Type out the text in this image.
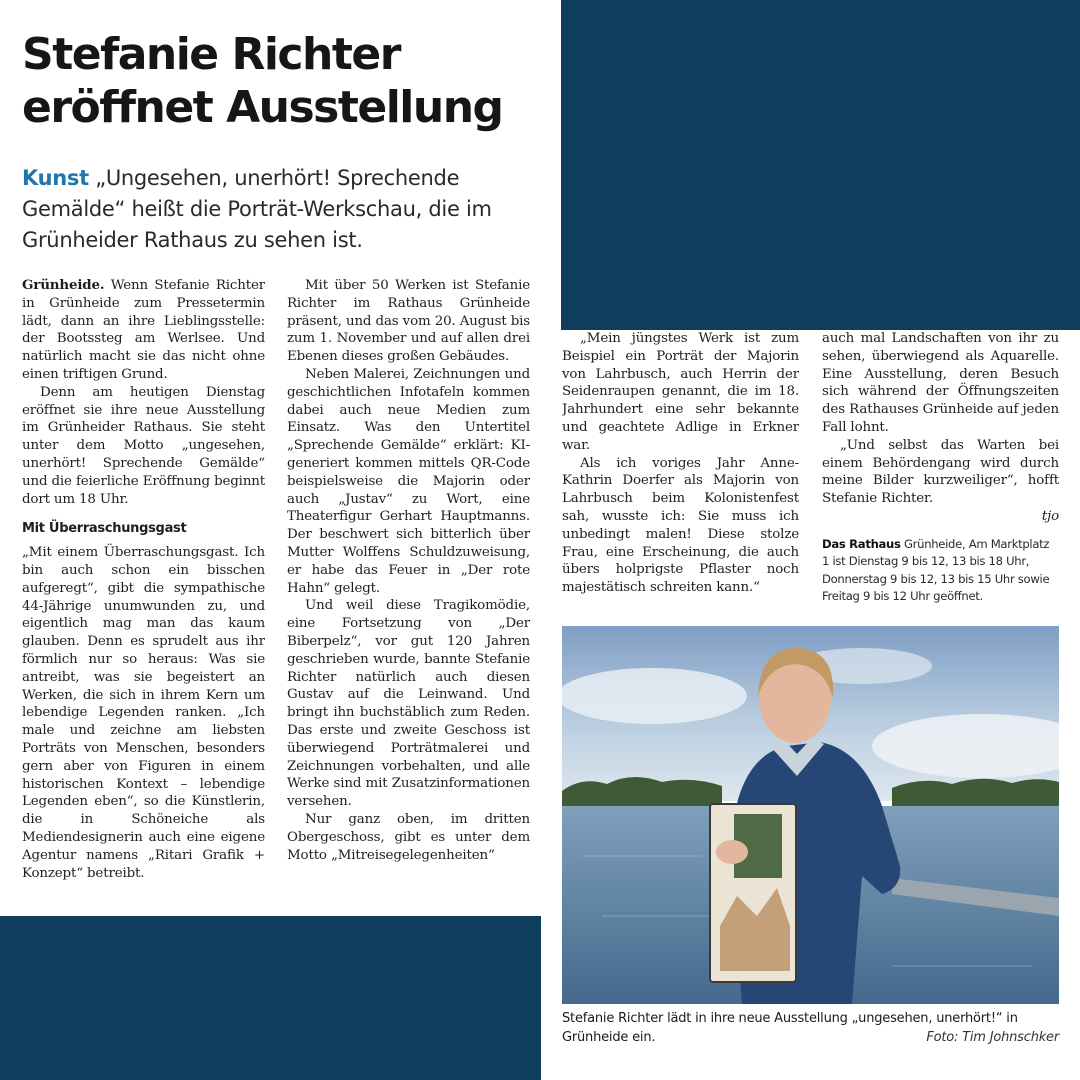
Stefanie Richter
eröffnet Ausstellung
Kunst „Ungesehen, unerhört! Sprechende Gemälde“ heißt die Porträt-Werkschau, die im Grünheider Rathaus zu sehen ist.

Grünheide. Wenn Stefanie Richter in Grünheide zum Pressetermin lädt, dann an ihre Lieblingsstelle: der Bootssteg am Werlsee. Und natürlich macht sie das nicht ohne einen triftigen Grund.

Denn am heutigen Dienstag eröffnet sie ihre neue Ausstellung im Grünheider Rathaus. Sie steht unter dem Motto „ungesehen, unerhört! Sprechende Gemälde“ und die feierliche Eröffnung beginnt dort um 18 Uhr.

Mit Überraschungsgast

„Mit einem Überraschungsgast. Ich bin auch schon ein bisschen aufgeregt“, gibt die sympathische 44-Jährige unumwunden zu, und eigentlich mag man das kaum glauben. Denn es sprudelt aus ihr förmlich nur so heraus: Was sie antreibt, was sie begeistert an Werken, die sich in ihrem Kern um lebendige Legenden ranken. „Ich male und zeichne am liebsten Porträts von Menschen, besonders gern aber von Figuren in einem historischen Kontext – lebendige Legenden eben“, so die Künstlerin, die in Schöneiche als Mediendesignerin auch eine eigene Agentur namens „Ritari Grafik + Konzept“ betreibt.

Mit über 50 Werken ist Stefanie Richter im Rathaus Grünheide präsent, und das vom 20. August bis zum 1. November und auf allen drei Ebenen dieses großen Gebäudes.

Neben Malerei, Zeichnungen und geschichtlichen Infotafeln kommen dabei auch neue Medien zum Einsatz. Was den Untertitel „Sprechende Gemälde“ erklärt: KI-generiert kommen mittels QR-Code beispielsweise die Majorin oder auch „Justav“ zu Wort, eine Theaterfigur Gerhart Hauptmanns. Der beschwert sich bitterlich über Mutter Wolffens Schuldzuweisung, er habe das Feuer in „Der rote Hahn“ gelegt.

Und weil diese Tragikomödie, eine Fortsetzung von „Der Biberpelz“, vor gut 120 Jahren geschrieben wurde, bannte Stefanie Richter natürlich auch diesen Gustav auf die Leinwand. Und bringt ihn buchstäblich zum Reden. Das erste und zweite Geschoss ist überwiegend Porträtmalerei und Zeichnungen vorbehalten, und alle Werke sind mit Zusatzinformationen versehen.

Nur ganz oben, im dritten Obergeschoss, gibt es unter dem Motto „Mitreisegelegenheiten“

„Mein jüngstes Werk ist zum Beispiel ein Porträt der Majorin von Lahrbusch, auch Herrin der Seidenraupen genannt, die im 18. Jahrhundert eine sehr bekannte und geachtete Adlige in Erkner war.

Als ich voriges Jahr Anne-Kathrin Doerfer als Majorin von Lahrbusch beim Kolonistenfest sah, wusste ich: Sie muss ich unbedingt malen! Diese stolze Frau, eine Erscheinung, die auch übers holprigste Pflaster noch majestätisch schreiten kann.“

auch mal Landschaften von ihr zu sehen, überwiegend als Aquarelle. Eine Ausstellung, deren Besuch sich während der Öffnungszeiten des Rathauses Grünheide auf jeden Fall lohnt.

„Und selbst das Warten bei einem Behördengang wird durch meine Bilder kurzweiliger“, hofft Stefanie Richter.
tjo

Das Rathaus Grünheide, Am Marktplatz 1 ist Dienstag 9 bis 12, 13 bis 18 Uhr, Donnerstag 9 bis 12, 13 bis 15 Uhr sowie Freitag 9 bis 12 Uhr geöffnet.
Stefanie Richter lädt in ihre neue Ausstellung „ungesehen, unerhört!“ in Grünheide ein.	Foto: Tim Johnschker
